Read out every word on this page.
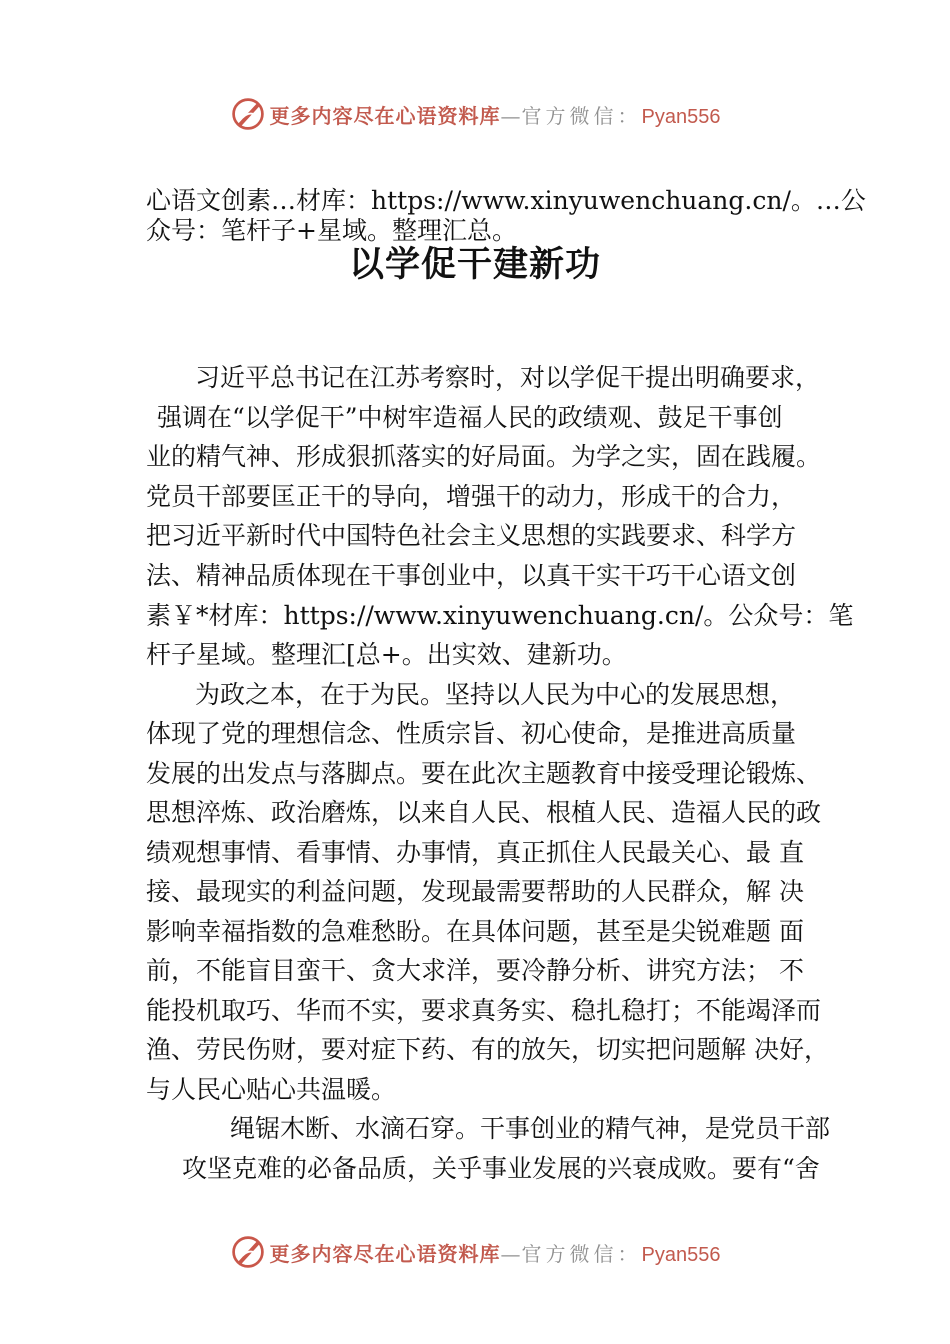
更多内容尽在心语资料库—官方微信：Pyan556
心语文创素…材库：https://www.xinyuwenchuang.cn/。…公
众号：笔杆子+星域。整理汇总。
以学促干建新功
习近平总书记在江苏考察时，对以学促干提出明确要求，
强调在“以学促干”中树牢造福人民的政绩观、鼓足干事创
业的精气神、形成狠抓落实的好局面。为学之实，固在践履。
党员干部要匡正干的导向，增强干的动力，形成干的合力，
把习近平新时代中国特色社会主义思想的实践要求、科学方
法、精神品质体现在干事创业中，以真干实干巧干心语文创
素￥*材库：https://www.xinyuwenchuang.cn/。公众号：笔
杆子星域。整理汇[总+。出实效、建新功。
为政之本，在于为民。坚持以人民为中心的发展思想，
体现了党的理想信念、性质宗旨、初心使命，是推进高质量
发展的出发点与落脚点。要在此次主题教育中接受理论锻炼、
思想淬炼、政治磨炼，以来自人民、根植人民、造福人民的政
绩观想事情、看事情、办事情，真正抓住人民最关心、最 直
接、最现实的利益问题，发现最需要帮助的人民群众，解 决
影响幸福指数的急难愁盼。在具体问题，甚至是尖锐难题 面
前，不能盲目蛮干、贪大求洋，要冷静分析、讲究方法； 不
能投机取巧、华而不实，要求真务实、稳扎稳打；不能竭泽而
渔、劳民伤财，要对症下药、有的放矢，切实把问题解 决好，
与人民心贴心共温暖。
绳锯木断、水滴石穿。干事创业的精气神，是党员干部
攻坚克难的必备品质，关乎事业发展的兴衰成败。要有“舍
更多内容尽在心语资料库—官方微信：Pyan556
